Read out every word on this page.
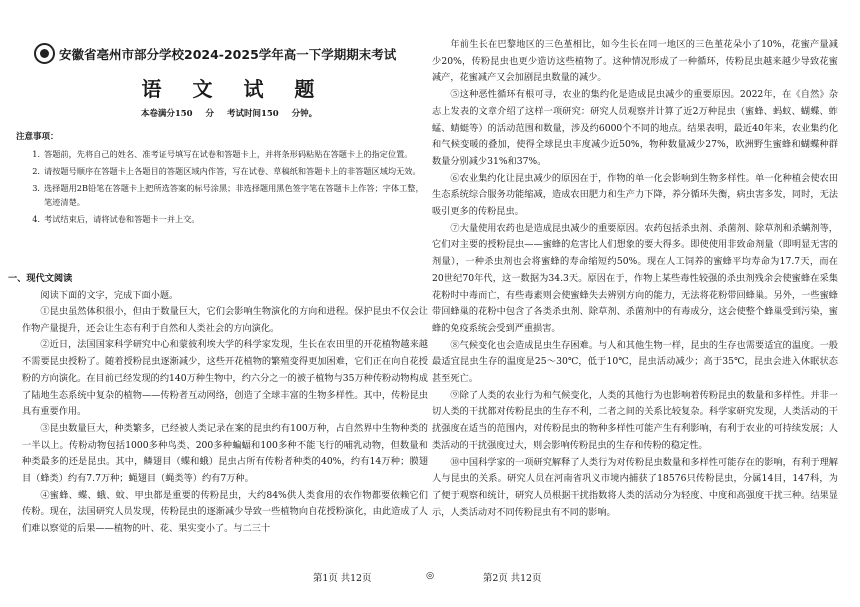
安徽省亳州市部分学校2024-2025学年高一下学期期末考试
语 文 试 题
本卷满分150 分 考试时间150 分钟。
注意事项：
1. 答题前，先将自己的姓名、准考证号填写在试卷和答题卡上，并将条形码粘贴在答题卡上的指定位置。
2. 请按题号顺序在答题卡上各题目的答题区域内作答，写在试卷、草稿纸和答题卡上的非答题区域均无效。
3. 选择题用2B铅笔在答题卡上把所选答案的标号涂黑；非选择题用黑色签字笔在答题卡上作答；字体工整，笔迹清楚。
4. 考试结束后，请将试卷和答题卡一并上交。
一、现代文阅读
阅读下面的文字，完成下面小题。

①昆虫虽然体积很小，但由于数量巨大，它们会影响生物演化的方向和进程。保护昆虫不仅会让作物产量提升，还会让生态有利于自然和人类社会的方向演化。

②近日，法国国家科学研究中心和蒙彼利埃大学的科学家发现，生长在农田里的开花植物越来越不需要昆虫授粉了。随着授粉昆虫逐渐减少，这些开花植物的繁殖变得更加困难，它们正在向自花授粉的方向演化。在目前已经发现的约140万种生物中，约六分之一的被子植物与35万种传粉动物构成了陆地生态系统中复杂的植物——传粉者互动网络，创造了全球丰富的生物多样性。其中，传粉昆虫具有重要作用。

③昆虫数量巨大，种类繁多，已经被人类记录在案的昆虫约有100万种，占自然界中生物种类的一半以上。传粉动物包括1000多种鸟类、200多种蝙蝠和100多种不能飞行的哺乳动物，但数量和种类最多的还是昆虫。其中，鳞翅目（蝶和蛾）昆虫占所有传粉者种类的40%，约有14万种；膜翅目（蜂类）约有7.7万种；蝇翅目（蝇类等）约有7万种。

④蜜蜂、蝶、蛾、蚊、甲虫都是重要的传粉昆虫，大约84%供人类食用的农作物都要依赖它们传粉。现在，法国研究人员发现，传粉昆虫的逐渐减少导致一些植物向自花授粉演化，由此造成了人们难以察觉的后果——植物的叶、花、果实变小了。与二三十

年前生长在巴黎地区的三色堇相比，如今生长在同一地区的三色堇花朵小了10%，花蜜产量减少20%，传粉昆虫也更少造访这些植物了。这种情况形成了一种循环，传粉昆虫越来越少导致花蜜减产，花蜜减产又会加剧昆虫数量的减少。

⑤这种恶性循环有根可寻，农业的集约化是造成昆虫减少的重要原因。2022年，在《自然》杂志上发表的文章介绍了这样一项研究：研究人员观察并计算了近2万种昆虫（蜜蜂、蚂蚁、蝴蝶、蚱蜢、蜻蜓等）的活动范围和数量，涉及约6000个不同的地点。结果表明，最近40年来，农业集约化和气候变暖的叠加，使得全球昆虫丰度减少近50%，物种数量减少27%，欧洲野生蜜蜂和蝴蝶种群数量分别减少31%和37%。

⑥农业集约化让昆虫减少的原因在于，作物的单一化会影响到生物多样性。单一化种植会使农田生态系统综合服务功能缩减，造成农田肥力和生产力下降，养分循环失衡，病虫害多发，同时，无法吸引更多的传粉昆虫。

⑦大量使用农药也是造成昆虫减少的重要原因。农药包括杀虫剂、杀菌剂、除草剂和杀螨剂等，它们对主要的授粉昆虫——蜜蜂的危害比人们想象的要大得多。即使使用非致命剂量（即明显无害的剂量），一种杀虫剂也会将蜜蜂的寿命缩短约50%。现在人工饲养的蜜蜂平均寿命为17.7天，而在20世纪70年代，这一数据为34.3天。原因在于，作物上某些毒性较强的杀虫剂残余会使蜜蜂在采集花粉时中毒而亡，有些毒素则会使蜜蜂失去辨别方向的能力，无法将花粉带回蜂巢。另外，一些蜜蜂带回蜂巢的花粉中包含了各类杀虫剂、除草剂、杀菌剂中的有毒成分，这会使整个蜂巢受到污染，蜜蜂的免疫系统会受到严重损害。

⑧气候变化也会造成昆虫生存困难。与人和其他生物一样，昆虫的生存也需要适宜的温度。一般最适宜昆虫生存的温度是25～30℃，低于10℃，昆虫活动减少；高于35℃，昆虫会进入休眠状态甚至死亡。

⑨除了人类的农业行为和气候变化，人类的其他行为也影响着传粉昆虫的数量和多样性。并非一切人类的干扰都对传粉昆虫的生存不利，二者之间的关系比较复杂。科学家研究发现，人类活动的干扰强度在适当的范围内，对传粉昆虫的物种多样性可能产生有利影响，有利于农业的可持续发展；人类活动的干扰强度过大，则会影响传粉昆虫的生存和传粉的稳定性。

⑩中国科学家的一项研究解释了人类行为对传粉昆虫数量和多样性可能存在的影响，有利于理解人与昆虫的关系。研究人员在河南省巩义市境内捕获了18576只传粉昆虫，分属14目，147科，为了便于观察和统计，研究人员根据干扰指数将人类的活动分为轻度、中度和高强度干扰三种。结果显示，人类活动对不同传粉昆虫有不同的影响。

第1页 共12页	◎	第2页 共12页
